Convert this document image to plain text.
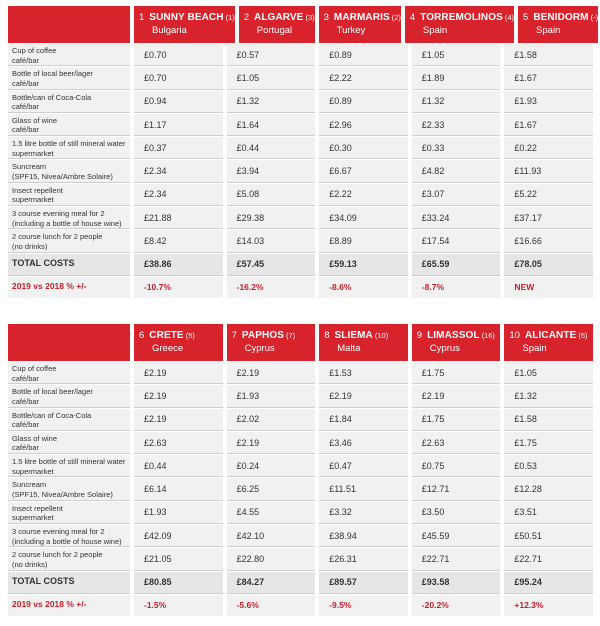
1 SUNNY BEACH (1)
Bulgaria
2 ALGARVE (3)
Portugal
3 MARMARIS (2)
Turkey
4 TORREMOLINOS (4)
Spain
5 BENIDORM (-)
Spain
Cup of coffee
café/bar
£0.70	£0.57	£0.89	£1.05	£1.58
Bottle of local beer/lager
café/bar
£0.70	£1.05	£2.22	£1.89	£1.67
Bottle/can of Coca-Cola
café/bar
£0.94	£1.32	£0.89	£1.32	£1.93
Glass of wine
café/bar
£1.17	£1.64	£2.96	£2.33	£1.67
1.5 litre bottle of still mineral water
supermarket
£0.37	£0.44	£0.30	£0.33	£0.22
Suncream
(SPF15, Nivea/Ambre Solaire)
£2.34	£3.94	£6.67	£4.82	£11.93
Insect repellent
supermarket
£2.34	£5.08	£2.22	£3.07	£5.22
3 course evening meal for 2
(including a bottle of house wine)
£21.88	£29.38	£34.09	£33.24	£37.17
2 course lunch for 2 people
(no drinks)
£8.42	£14.03	£8.89	£17.54	£16.66
TOTAL COSTS	£38.86	£57.45	£59.13	£65.59	£78.05
2019 vs 2018 % +/-	-10.7%	-16.2%	-8.6%	-8.7%	NEW
6 CRETE (5)
Greece
7 PAPHOS (7)
Cyprus
8 SLIEMA (10)
Malta
9 LIMASSOL (16)
Cyprus
10 ALICANTE (6)
Spain
Cup of coffee
café/bar
£2.19	£2.19	£1.53	£1.75	£1.05
Bottle of local beer/lager
café/bar
£2.19	£1.93	£2.19	£2.19	£1.32
Bottle/can of Coca-Cola
café/bar
£2.19	£2.02	£1.84	£1.75	£1.58
Glass of wine
café/bar
£2.63	£2.19	£3.46	£2.63	£1.75
1.5 litre bottle of still mineral water
supermarket
£0.44	£0.24	£0.47	£0.75	£0.53
Suncream
(SPF15, Nivea/Ambre Solaire)
£6.14	£6.25	£11.51	£12.71	£12.28
Insect repellent
supermarket
£1.93	£4.55	£3.32	£3.50	£3.51
3 course evening meal for 2
(including a bottle of house wine)
£42.09	£42.10	£38.94	£45.59	£50.51
2 course lunch for 2 people
(no drinks)
£21.05	£22.80	£26.31	£22.71	£22.71
TOTAL COSTS	£80.85	£84.27	£89.57	£93.58	£95.24
2019 vs 2018 % +/-	-1.5%	-5.6%	-9.5%	-20.2%	+12.3%
